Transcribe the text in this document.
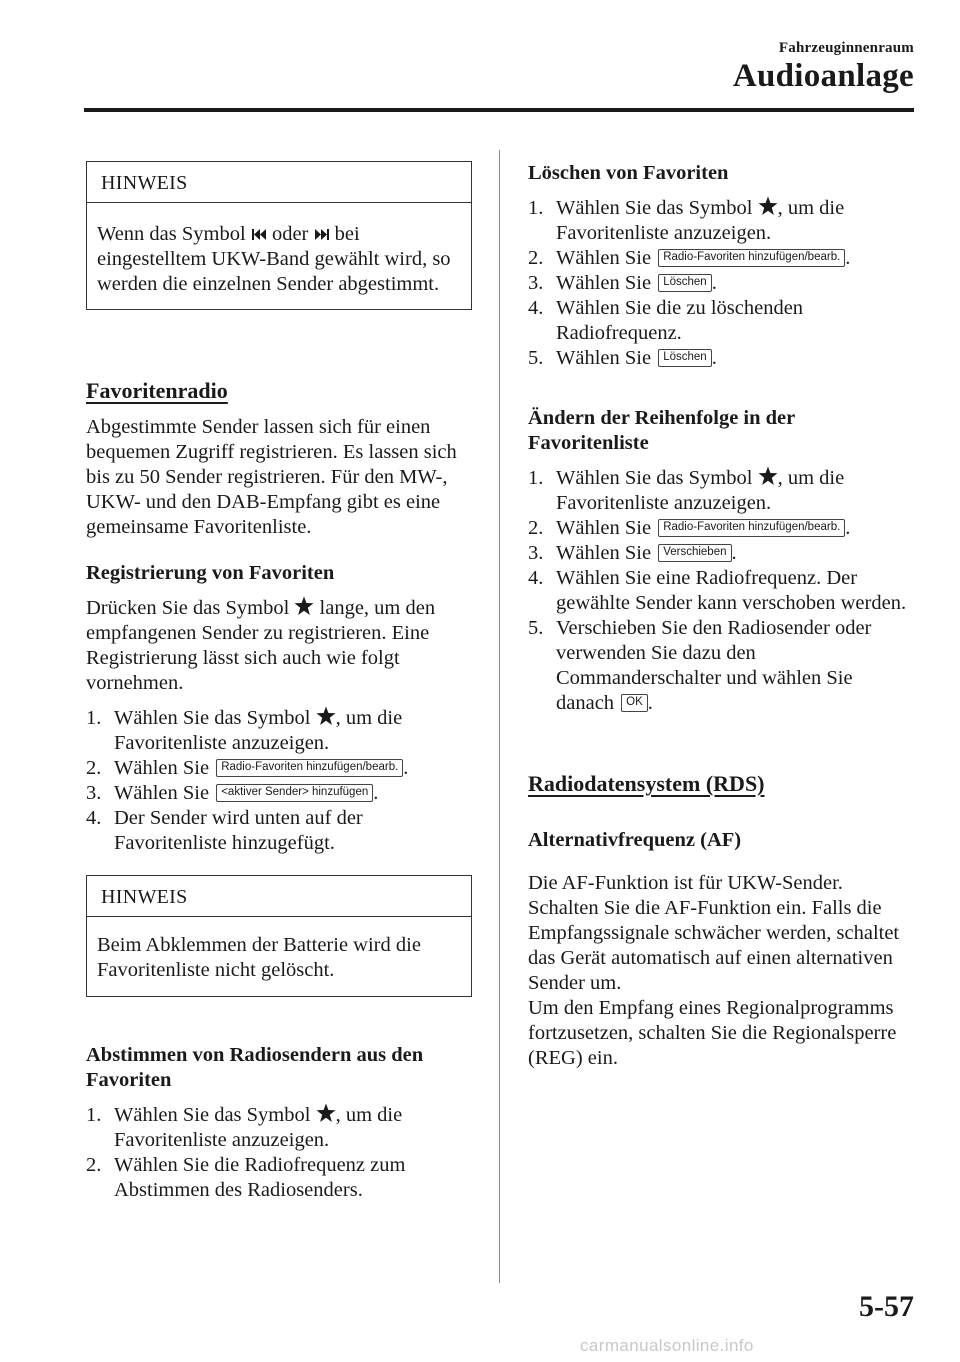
Fahrzeuginnenraum
Audioanlage
HINWEIS
Wenn das Symbol oder bei eingestelltem UKW-Band gewählt wird, so werden die einzelnen Sender abgestimmt.
Favoritenradio

Abgestimmte Sender lassen sich für einen bequemen Zugriff registrieren. Es lassen sich bis zu 50 Sender registrieren. Für den MW-, UKW- und den DAB-Empfang gibt es eine gemeinsame Favoritenliste.

Registrierung von Favoriten

Drücken Sie das Symbol lange, um den empfangenen Sender zu registrieren. Eine Registrierung lässt sich auch wie folgt vornehmen.

1. Wählen Sie das Symbol , um die Favoritenliste anzuzeigen.
2. Wählen Sie Radio-Favoriten hinzufügen/bearb. .
3. Wählen Sie <aktiver Sender> hinzufügen .
4. Der Sender wird unten auf der Favoritenliste hinzugefügt.
HINWEIS
Beim Abklemmen der Batterie wird die Favoritenliste nicht gelöscht.
Abstimmen von Radiosendern aus den Favoriten
1. Wählen Sie das Symbol , um die Favoritenliste anzuzeigen.
2. Wählen Sie die Radiofrequenz zum Abstimmen des Radiosenders.
Löschen von Favoriten
1. Wählen Sie das Symbol , um die Favoritenliste anzuzeigen.
2. Wählen Sie Radio-Favoriten hinzufügen/bearb. .
3. Wählen Sie Löschen .
4. Wählen Sie die zu löschenden Radiofrequenz.
5. Wählen Sie Löschen .
Ändern der Reihenfolge in der Favoritenliste
1. Wählen Sie das Symbol , um die Favoritenliste anzuzeigen.
2. Wählen Sie Radio-Favoriten hinzufügen/bearb. .
3. Wählen Sie Verschieben .
4. Wählen Sie eine Radiofrequenz. Der gewählte Sender kann verschoben werden.
5. Verschieben Sie den Radiosender oder verwenden Sie dazu den Commanderschalter und wählen Sie danach OK .
Radiodatensystem (RDS)
Alternativfrequenz (AF)

Die AF-Funktion ist für UKW-Sender. Schalten Sie die AF-Funktion ein. Falls die Empfangssignale schwächer werden, schaltet das Gerät automatisch auf einen alternativen Sender um.

Um den Empfang eines Regionalprogramms fortzusetzen, schalten Sie die Regionalsperre (REG) ein.

5-57
carmanualsonline.info
